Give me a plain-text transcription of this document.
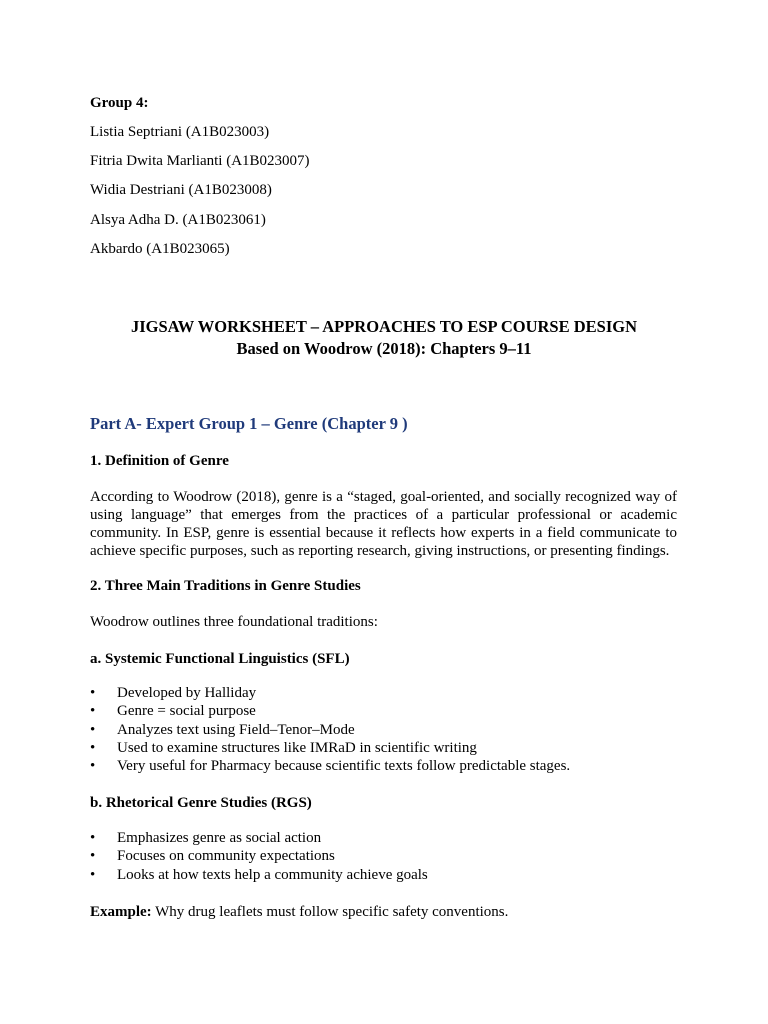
Group 4:
Listia Septriani (A1B023003)
Fitria Dwita Marlianti (A1B023007)
Widia Destriani (A1B023008)
Alsya Adha D. (A1B023061)
Akbardo (A1B023065)
JIGSAW WORKSHEET – APPROACHES TO ESP COURSE DESIGN
Based on Woodrow (2018): Chapters 9–11
Part A- Expert Group 1 – Genre (Chapter 9 )
1. Definition of Genre
According to Woodrow (2018), genre is a “staged, goal-oriented, and socially recognized way of using language” that emerges from the practices of a particular professional or academic community. In ESP, genre is essential because it reflects how experts in a field communicate to achieve specific purposes, such as reporting research, giving instructions, or presenting findings.
2. Three Main Traditions in Genre Studies
Woodrow outlines three foundational traditions:
a. Systemic Functional Linguistics (SFL)
• Developed by Halliday
• Genre = social purpose
• Analyzes text using Field–Tenor–Mode
• Used to examine structures like IMRaD in scientific writing
• Very useful for Pharmacy because scientific texts follow predictable stages.
b. Rhetorical Genre Studies (RGS)
• Emphasizes genre as social action
• Focuses on community expectations
• Looks at how texts help a community achieve goals
Example: Why drug leaflets must follow specific safety conventions.
